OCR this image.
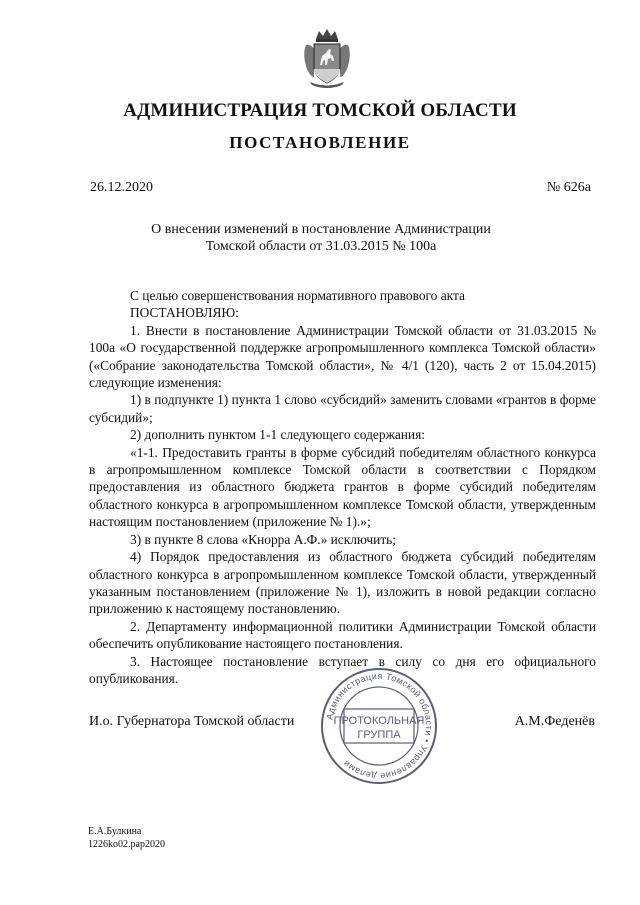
АДМИНИСТРАЦИЯ ТОМСКОЙ ОБЛАСТИ
ПОСТАНОВЛЕНИЕ
26.12.2020	№ 626а
О внесении изменений в постановление Администрации
Томской области от 31.03.2015 № 100а

С целью совершенствования нормативного правового акта

ПОСТАНОВЛЯЮ:

1. Внести в постановление Администрации Томской области от 31.03.2015 № 100а «О государственной поддержке агропромышленного комплекса Томской области» («Собрание законодательства Томской области», № 4/1 (120), часть 2 от 15.04.2015) следующие изменения:

1) в подпункте 1) пункта 1 слово «субсидий» заменить словами «грантов в форме субсидий»;

2) дополнить пунктом 1-1 следующего содержания:

«1-1. Предоставить гранты в форме субсидий победителям областного конкурса в агропромышленном комплексе Томской области в соответствии с Порядком предоставления из областного бюджета грантов в форме субсидий победителям областного конкурса в агропромышленном комплексе Томской области, утвержденным настоящим постановлением (приложение № 1).»;

3) в пункте 8 слова «Кнорра А.Ф.» исключить;

4) Порядок предоставления из областного бюджета субсидий победителям областного конкурса в агропромышленном комплексе Томской области, утвержденный указанным постановлением (приложение № 1), изложить в новой редакции согласно приложению к настоящему постановлению.

2. Департаменту информационной политики Администрации Томской области обеспечить опубликование настоящего постановления.

3. Настоящее постановление вступает в силу со дня его официального опубликования.

И.о. Губернатора Томской области	А.М.Феденёв
Администрация Томской области • Управление делами
ПРОТОКОЛЬНАЯ
ГРУППА
Е.А.Булкина
1226ko02.pap2020
